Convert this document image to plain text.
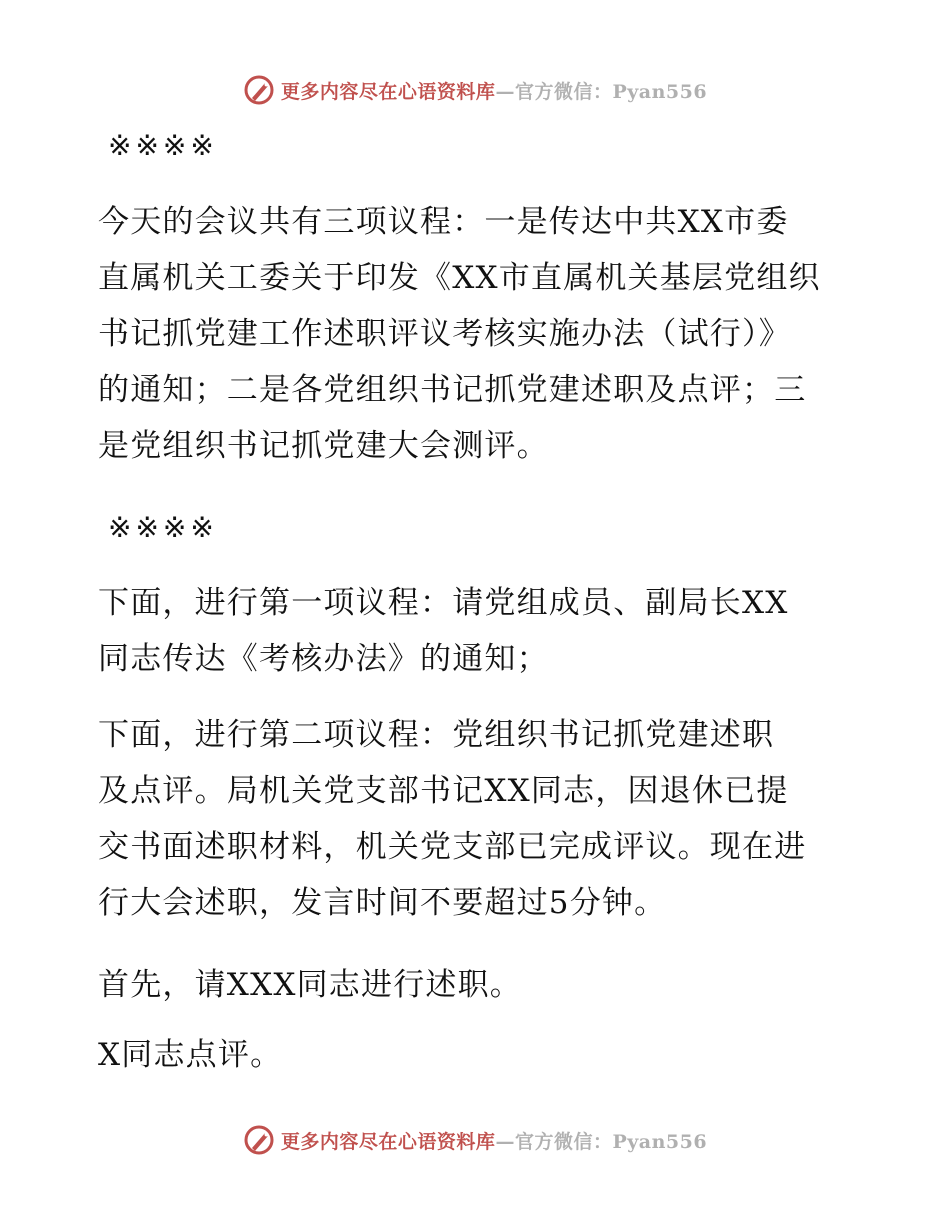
更多内容尽在心语资料库—官方微信：Pyan556

※※※※

今天的会议共有三项议程：一是传达中共XX市委

直属机关工委关于印发《XX市直属机关基层党组织

书记抓党建工作述职评议考核实施办法（试行）》

的通知；二是各党组织书记抓党建述职及点评；三

是党组织书记抓党建大会测评。

※※※※

下面，进行第一项议程：请党组成员、副局长XX

同志传达《考核办法》的通知；

下面，进行第二项议程：党组织书记抓党建述职

及点评。局机关党支部书记XX同志，因退休已提

交书面述职材料，机关党支部已完成评议。现在进

行大会述职，发言时间不要超过5分钟。

首先，请XXX同志进行述职。

X同志点评。

更多内容尽在心语资料库—官方微信：Pyan556
